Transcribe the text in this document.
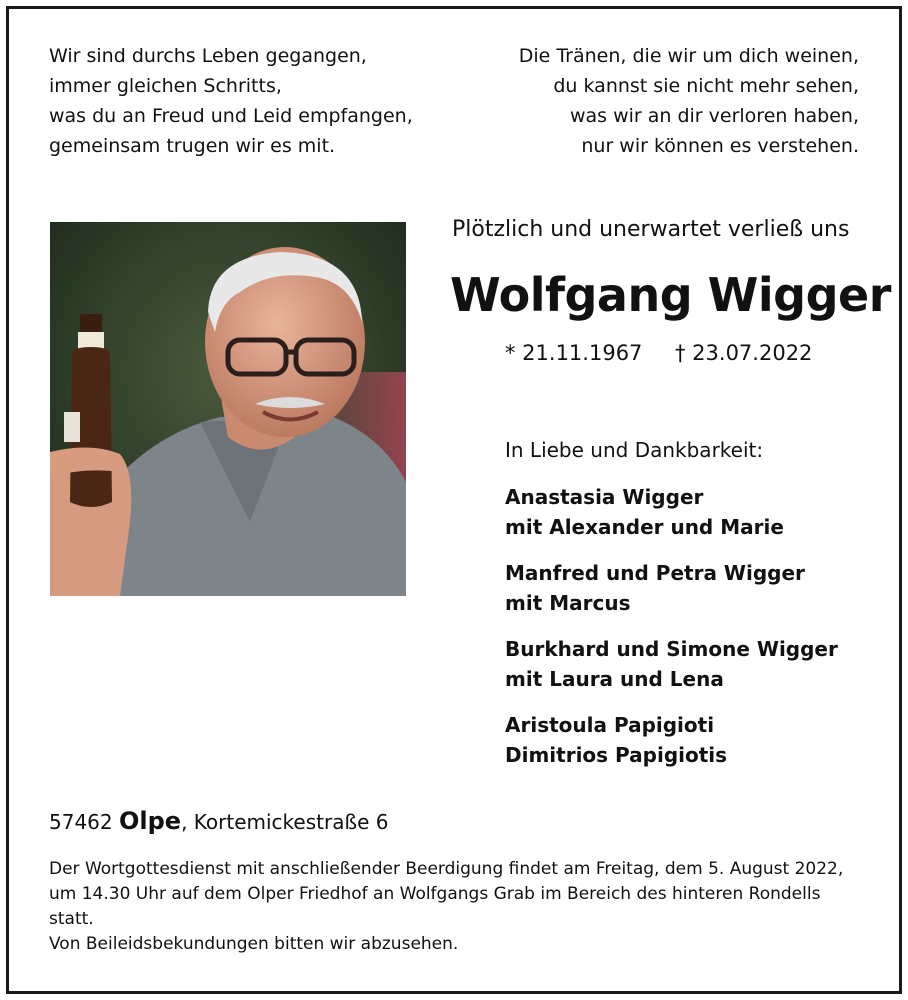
Wir sind durchs Leben gegangen,
immer gleichen Schritts,
was du an Freud und Leid empfangen,
gemeinsam trugen wir es mit.
Die Tränen, die wir um dich weinen,
du kannst sie nicht mehr sehen,
was wir an dir verloren haben,
nur wir können es verstehen.
Plötzlich und unerwartet verließ uns
Wolfgang Wigger
* 21.11.1967 † 23.07.2022
In Liebe und Dankbarkeit:
Anastasia Wigger
mit Alexander und Marie
Manfred und Petra Wigger
mit Marcus
Burkhard und Simone Wigger
mit Laura und Lena
Aristoula Papigioti
Dimitrios Papigiotis
57462 Olpe, Kortemickestraße 6
Der Wortgottesdienst mit anschließender Beerdigung findet am Freitag, dem 5. August 2022,
um 14.30 Uhr auf dem Olper Friedhof an Wolfgangs Grab im Bereich des hinteren Rondells
statt.
Von Beileidsbekundungen bitten wir abzusehen.
